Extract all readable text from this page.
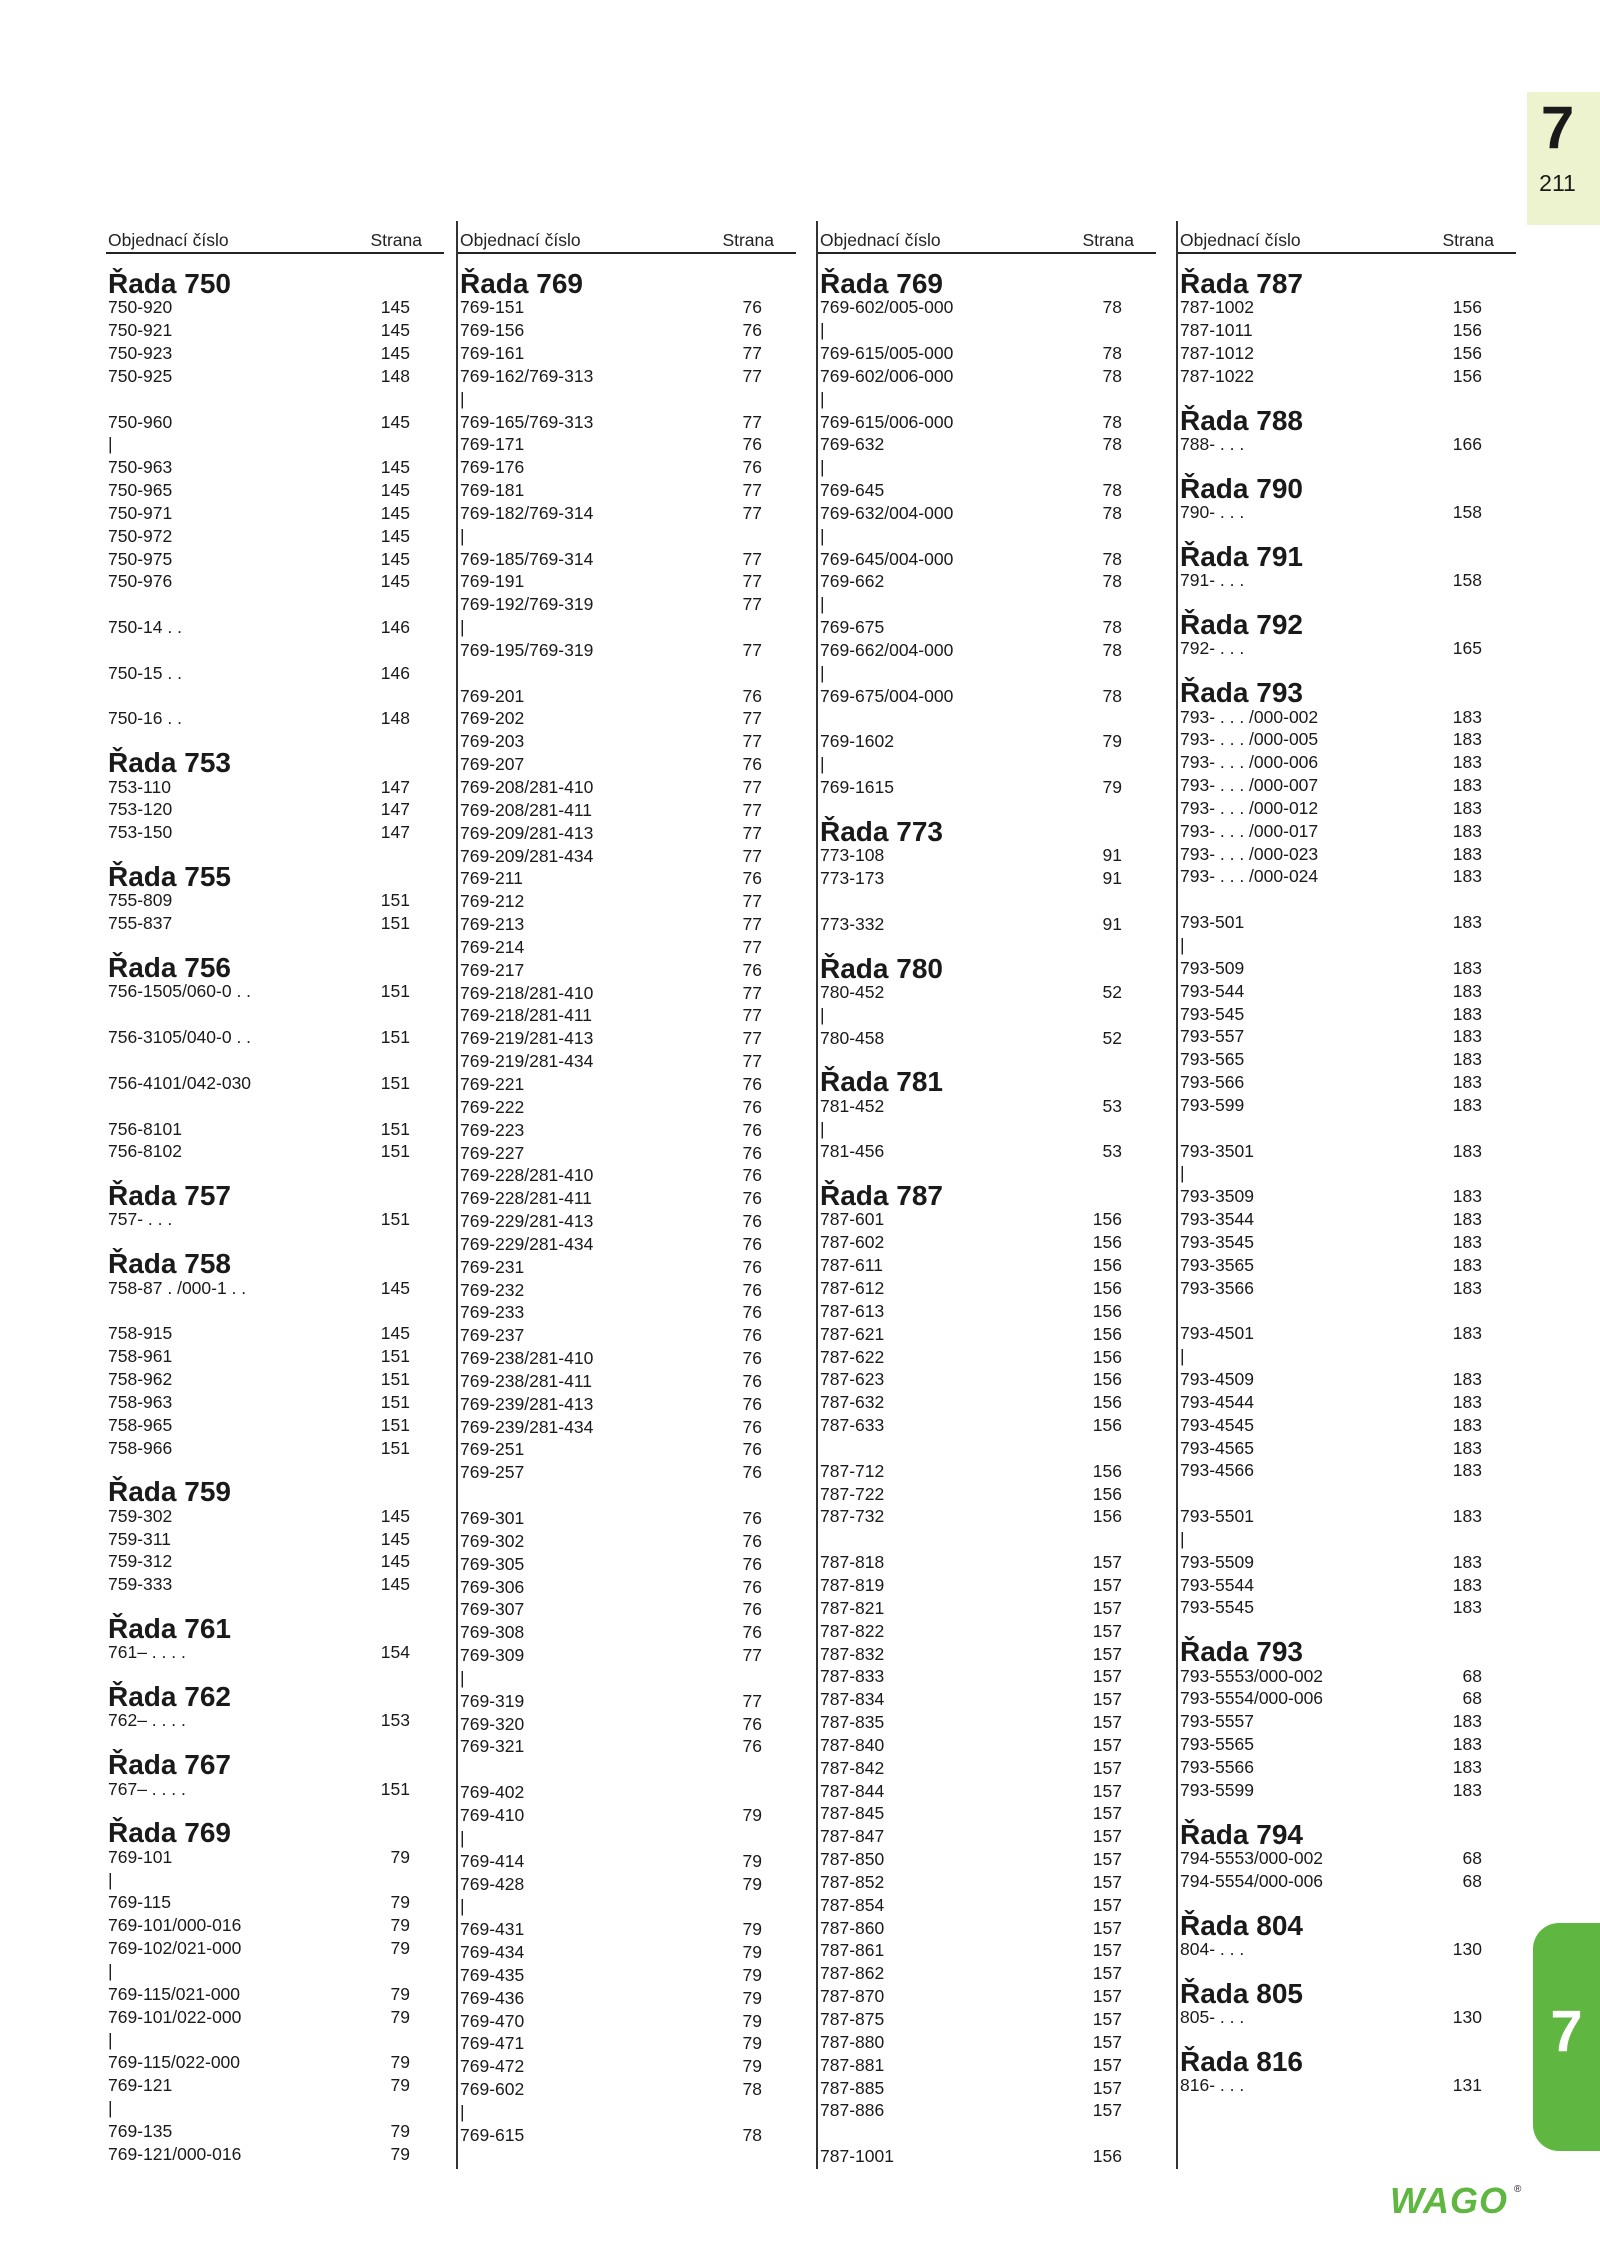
7
211
Objednací číslo	Strana
Řada 750
750-920	145
750-921	145
750-923	145
750-925	148
750-960	145
|
750-963	145
750-965	145
750-971	145
750-972	145
750-975	145
750-976	145
750-14 . .	146
750-15 . .	146
750-16 . .	148
Řada 753
753-110	147
753-120	147
753-150	147
Řada 755
755-809	151
755-837	151
Řada 756
756-1505/060-0 . .	151
756-3105/040-0 . .	151
756-4101/042-030	151
756-8101	151
756-8102	151
Řada 757
757- . . .	151
Řada 758
758-87 . /000-1 . .	145
758-915	145
758-961	151
758-962	151
758-963	151
758-965	151
758-966	151
Řada 759
759-302	145
759-311	145
759-312	145
759-333	145
Řada 761
761– . . . .	154
Řada 762
762– . . . .	153
Řada 767
767– . . . .	151
Řada 769
769-101	79
|
769-115	79
769-101/000-016	79
769-102/021-000	79
|
769-115/021-000	79
769-101/022-000	79
|
769-115/022-000	79
769-121	79
|
769-135	79
769-121/000-016	79
Objednací číslo	Strana
Řada 769
769-151	76
769-156	76
769-161	77
769-162/769-313	77
|
769-165/769-313	77
769-171	76
769-176	76
769-181	77
769-182/769-314	77
|
769-185/769-314	77
769-191	77
769-192/769-319	77
|
769-195/769-319	77
769-201	76
769-202	77
769-203	77
769-207	76
769-208/281-410	77
769-208/281-411	77
769-209/281-413	77
769-209/281-434	77
769-211	76
769-212	77
769-213	77
769-214	77
769-217	76
769-218/281-410	77
769-218/281-411	77
769-219/281-413	77
769-219/281-434	77
769-221	76
769-222	76
769-223	76
769-227	76
769-228/281-410	76
769-228/281-411	76
769-229/281-413	76
769-229/281-434	76
769-231	76
769-232	76
769-233	76
769-237	76
769-238/281-410	76
769-238/281-411	76
769-239/281-413	76
769-239/281-434	76
769-251	76
769-257	76
769-301	76
769-302	76
769-305	76
769-306	76
769-307	76
769-308	76
769-309	77
|
769-319	77
769-320	76
769-321	76
769-402
769-410	79
|
769-414	79
769-428	79
|
769-431	79
769-434	79
769-435	79
769-436	79
769-470	79
769-471	79
769-472	79
769-602	78
|
769-615	78
Objednací číslo	Strana
Řada 769
769-602/005-000	78
|
769-615/005-000	78
769-602/006-000	78
|
769-615/006-000	78
769-632	78
|
769-645	78
769-632/004-000	78
|
769-645/004-000	78
769-662	78
|
769-675	78
769-662/004-000	78
|
769-675/004-000	78
769-1602	79
|
769-1615	79
Řada 773
773-108	91
773-173	91
773-332	91
Řada 780
780-452	52
|
780-458	52
Řada 781
781-452	53
|
781-456	53
Řada 787
787-601	156
787-602	156
787-611	156
787-612	156
787-613	156
787-621	156
787-622	156
787-623	156
787-632	156
787-633	156
787-712	156
787-722	156
787-732	156
787-818	157
787-819	157
787-821	157
787-822	157
787-832	157
787-833	157
787-834	157
787-835	157
787-840	157
787-842	157
787-844	157
787-845	157
787-847	157
787-850	157
787-852	157
787-854	157
787-860	157
787-861	157
787-862	157
787-870	157
787-875	157
787-880	157
787-881	157
787-885	157
787-886	157
787-1001	156
Objednací číslo	Strana
Řada 787
787-1002	156
787-1011	156
787-1012	156
787-1022	156
Řada 788
788- . . .	166
Řada 790
790- . . .	158
Řada 791
791- . . .	158
Řada 792
792- . . .	165
Řada 793
793- . . . /000-002	183
793- . . . /000-005	183
793- . . . /000-006	183
793- . . . /000-007	183
793- . . . /000-012	183
793- . . . /000-017	183
793- . . . /000-023	183
793- . . . /000-024	183
793-501	183
|
793-509	183
793-544	183
793-545	183
793-557	183
793-565	183
793-566	183
793-599	183
793-3501	183
|
793-3509	183
793-3544	183
793-3545	183
793-3565	183
793-3566	183
793-4501	183
|
793-4509	183
793-4544	183
793-4545	183
793-4565	183
793-4566	183
793-5501	183
|
793-5509	183
793-5544	183
793-5545	183
Řada 793
793-5553/000-002	68
793-5554/000-006	68
793-5557	183
793-5565	183
793-5566	183
793-5599	183
Řada 794
794-5553/000-002	68
794-5554/000-006	68
Řada 804
804- . . .	130
Řada 805
805- . . .	130
Řada 816
816- . . .	131
7
WAGO ®
